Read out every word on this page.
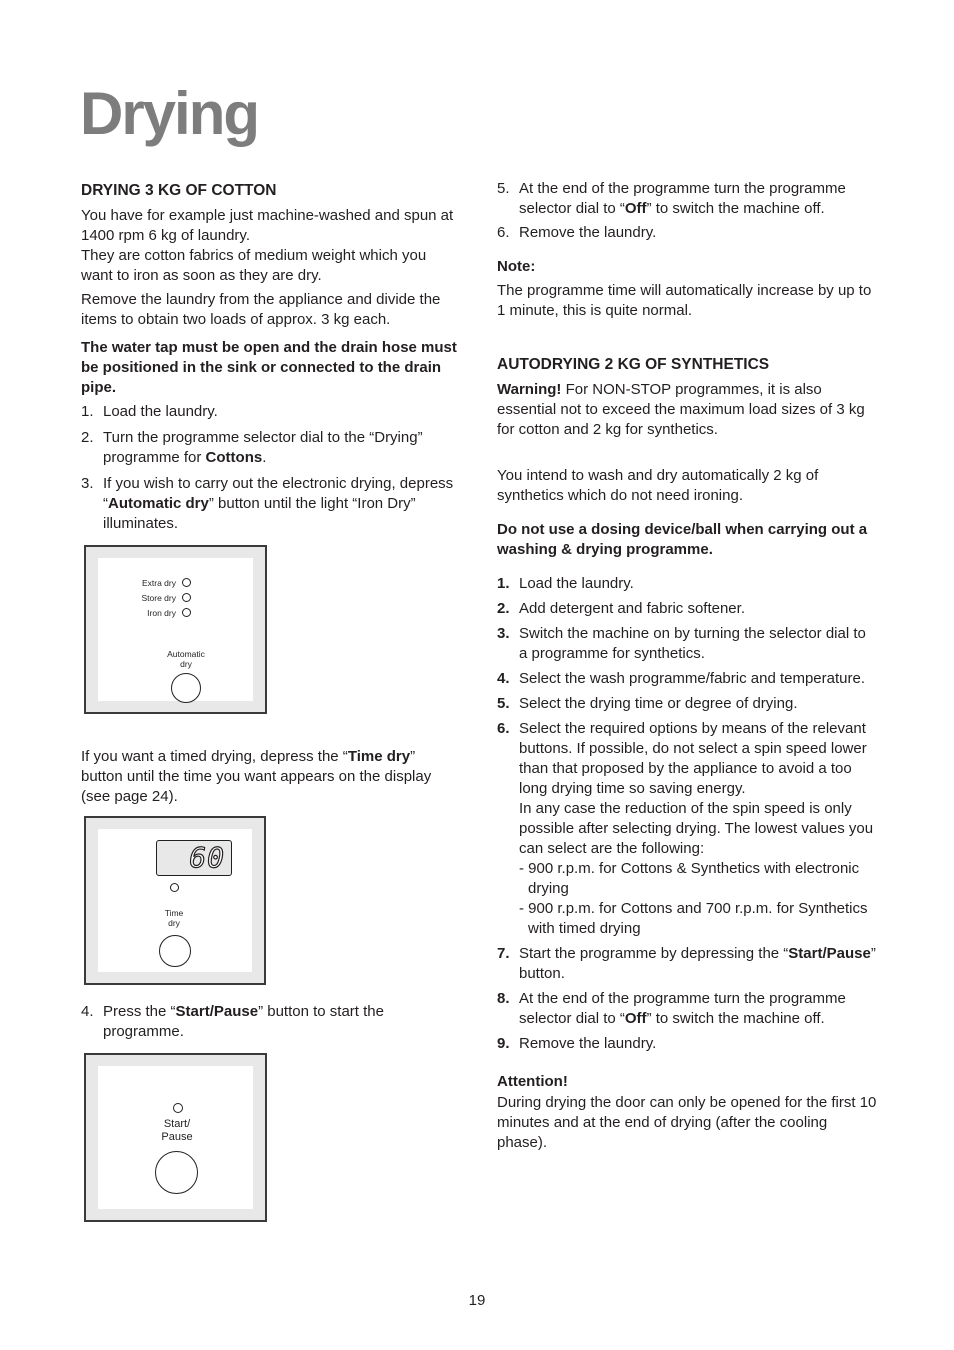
Drying

DRYING 3 KG OF COTTON

You have for example just machine-washed and spun at 1400 rpm 6 kg of laundry.

They are cotton fabrics of medium weight which you want to iron as soon as they are dry.

Remove the laundry from the appliance and divide the items to obtain two loads of approx. 3 kg each.

The water tap must be open and the drain hose must be positioned in the sink or connected to the drain pipe.

1. Load the laundry.
2. Turn the programme selector dial to the “Drying” programme for Cottons.
3. If you wish to carry out the electronic drying, depress “Automatic dry” button until the light “Iron Dry” illuminates.
Extra dry
Store dry
Iron dry
Automatic
dry
If you want a timed drying, depress the “Time dry” button until the time you want appears on the display (see page 24).
60
Time
dry
4. Press the “Start/Pause” button to start the programme.
Start/
Pause
5. At the end of the programme turn the programme selector dial to “Off” to switch the machine off.
6. Remove the laundry.

Note:

The programme time will automatically increase by up to 1 minute, this is quite normal.

AUTODRYING 2 KG OF SYNTHETICS

Warning! For NON-STOP programmes, it is also essential not to exceed the maximum load sizes of 3 kg for cotton and 2 kg for synthetics.

You intend to wash and dry automatically 2 kg of synthetics which do not need ironing.

Do not use a dosing device/ball when carrying out a washing & drying programme.

1. Load the laundry.
2. Add detergent and fabric softener.
3. Switch the machine on by turning the selector dial to a programme for synthetics.
4. Select the wash programme/fabric and temperature.
5. Select the drying time or degree of drying.
6. Select the required options by means of the relevant buttons. If possible, do not select a spin speed lower than that proposed by the appliance to avoid a too long drying time so saving energy.
In any case the reduction of the spin speed is only possible after selecting drying. The lowest values you can select are the following:
- 900 r.p.m. for Cottons & Synthetics with electronic drying
- 900 r.p.m. for Cottons and 700 r.p.m. for Synthetics with timed drying
7. Start the programme by depressing the “Start/Pause” button.
8. At the end of the programme turn the programme selector dial to “Off” to switch the machine off.
9. Remove the laundry.

Attention!

During drying the door can only be opened for the first 10 minutes and at the end of drying (after the cooling phase).

19
